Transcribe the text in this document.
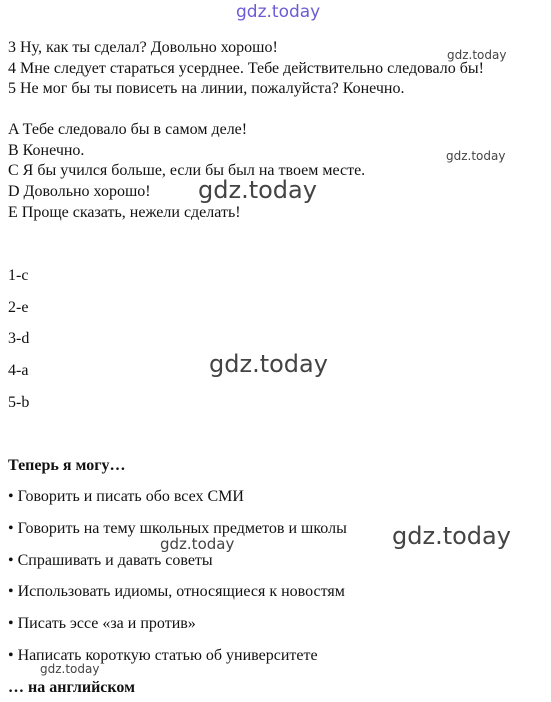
gdz.today
gdz.today
gdz.today
gdz.today
gdz.today
gdz.today
gdz.today
gdz.today
3 Ну, как ты сделал? Довольно хорошо!
4 Мне следует стараться усерднее. Тебе действительно следовало бы!
5 Не мог бы ты повисеть на линии, пожалуйста? Конечно.
A Тебе следовало бы в самом деле!
B Конечно.
C Я бы учился больше, если бы был на твоем месте.
D Довольно хорошо!
E Проще сказать, нежели сделать!
1-c
2-e
3-d
4-a
5-b
Теперь я могу…
• Говорить и писать обо всех СМИ
• Говорить на тему школьных предметов и школы
• Спрашивать и давать советы
• Использовать идиомы, относящиеся к новостям
• Писать эссе «за и против»
• Написать короткую статью об университете
… на английском
